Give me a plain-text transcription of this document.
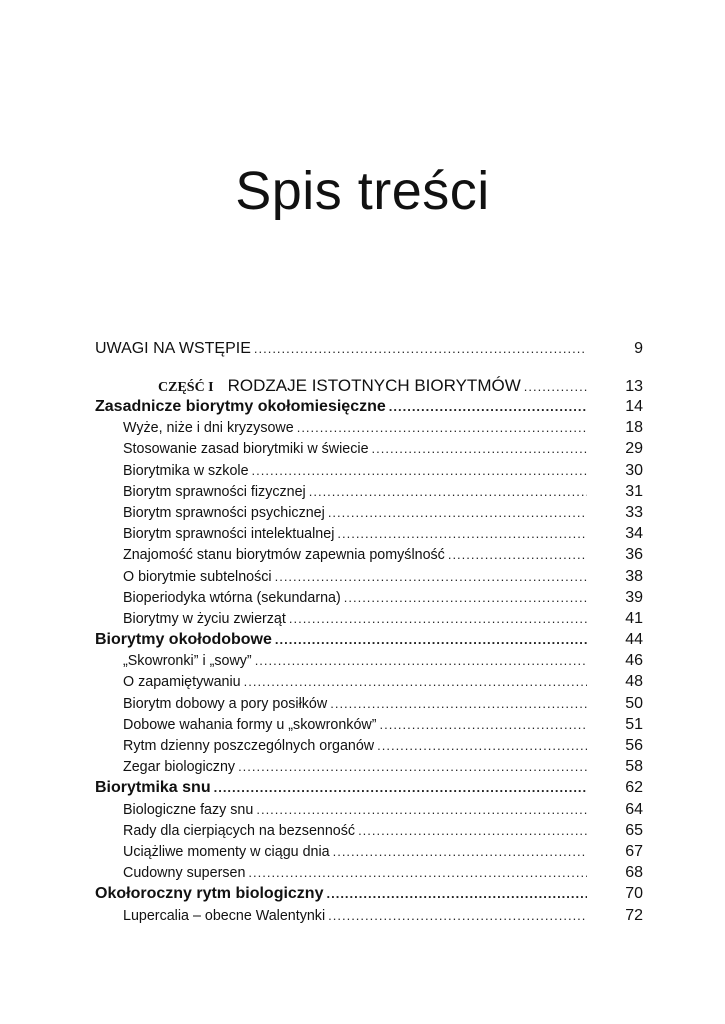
Spis treści
UWAGI NA WSTĘPIE .....	9
CZĘŚĆ I RODZAJE ISTOTNYCH BIORYTMÓW .....	13
Zasadnicze biorytmy okołomiesięczne .....	14
Wyże, niże i dni kryzysowe .....	18
Stosowanie zasad biorytmiki w świecie .....	29
Biorytmika w szkole .....	30
Biorytm sprawności fizycznej .....	31
Biorytm sprawności psychicznej .....	33
Biorytm sprawności intelektualnej .....	34
Znajomość stanu biorytmów zapewnia pomyślność .....	36
O biorytmie subtelności .....	38
Bioperiodyka wtórna (sekundarna) .....	39
Biorytmy w życiu zwierząt .....	41
Biorytmy okołodobowe .....	44
„Skowronki” i „sowy” .....	46
O zapamiętywaniu .....	48
Biorytm dobowy a pory posiłków .....	50
Dobowe wahania formy u „skowronków” .....	51
Rytm dzienny poszczególnych organów .....	56
Zegar biologiczny .....	58
Biorytmika snu .....	62
Biologiczne fazy snu .....	64
Rady dla cierpiących na bezsenność .....	65
Uciążliwe momenty w ciągu dnia .....	67
Cudowny supersen .....	68
Okołoroczny rytm biologiczny .....	70
Lupercalia – obecne Walentynki .....	72
